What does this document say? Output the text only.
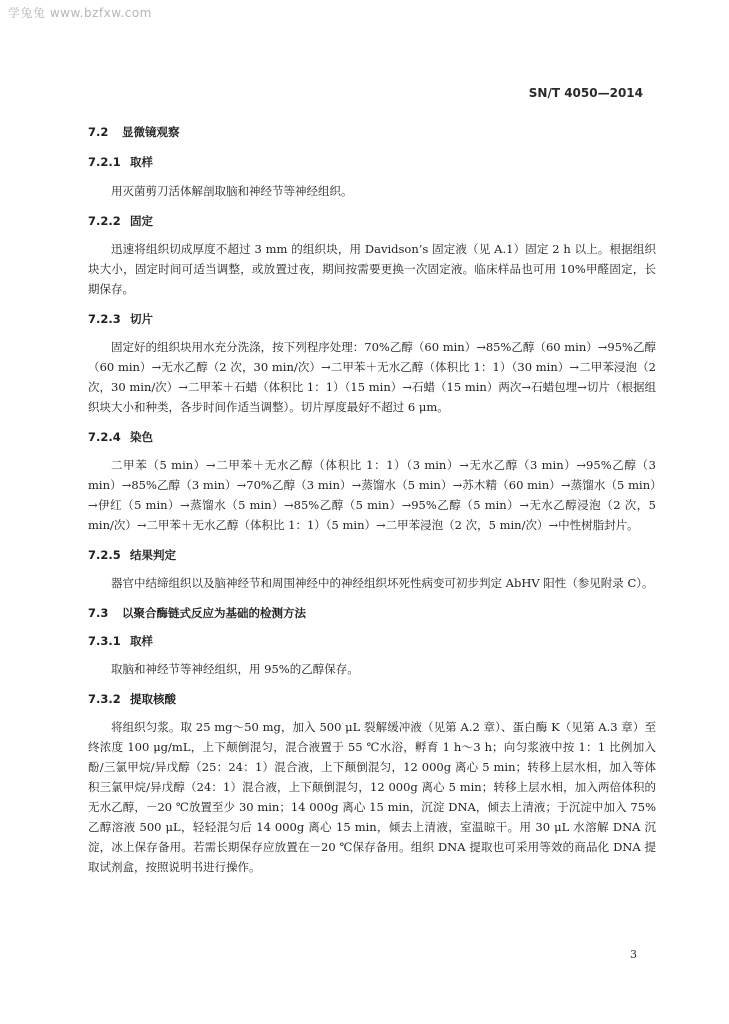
学兔兔 www.bzfxw.com
SN/T 4050—2014
7.2 显微镜观察
7.2.1 取样

用灭菌剪刀活体解剖取脑和神经节等神经组织。

7.2.2 固定

迅速将组织切成厚度不超过 3 mm 的组织块，用 Davidson’s 固定液（见 A.1）固定 2 h 以上。根据组织块大小，固定时间可适当调整，或放置过夜，期间按需要更换一次固定液。临床样品也可用 10%甲醛固定，长期保存。

7.2.3 切片

固定好的组织块用水充分洗涤，按下列程序处理：70%乙醇（60 min）→85%乙醇（60 min）→95%乙醇（60 min）→无水乙醇（2 次，30 min/次）→二甲苯＋无水乙醇（体积比 1：1）（30 min）→二甲苯浸泡（2 次，30 min/次）→二甲苯＋石蜡（体积比 1：1）（15 min）→石蜡（15 min）两次→石蜡包埋→切片（根据组织块大小和种类，各步时间作适当调整）。切片厚度最好不超过 6 μm。

7.2.4 染色

二甲苯（5 min）→二甲苯＋无水乙醇（体积比 1：1）（3 min）→无水乙醇（3 min）→95%乙醇（3 min）→85%乙醇（3 min）→70%乙醇（3 min）→蒸馏水（5 min）→苏木精（60 min）→蒸馏水（5 min）→伊红（5 min）→蒸馏水（5 min）→85%乙醇（5 min）→95%乙醇（5 min）→无水乙醇浸泡（2 次，5 min/次）→二甲苯＋无水乙醇（体积比 1：1）（5 min）→二甲苯浸泡（2 次，5 min/次）→中性树脂封片。

7.2.5 结果判定

器官中结缔组织以及脑神经节和周围神经中的神经组织坏死性病变可初步判定 AbHV 阳性（参见附录 C）。

7.3 以聚合酶链式反应为基础的检测方法
7.3.1 取样

取脑和神经节等神经组织，用 95%的乙醇保存。

7.3.2 提取核酸

将组织匀浆。取 25 mg～50 mg，加入 500 μL 裂解缓冲液（见第 A.2 章）、蛋白酶 K（见第 A.3 章）至终浓度 100 μg/mL，上下颠倒混匀，混合液置于 55 ℃水浴，孵育 1 h～3 h；向匀浆液中按 1：1 比例加入酚/三氯甲烷/异戊醇（25：24：1）混合液，上下颠倒混匀，12 000g 离心 5 min；转移上层水相，加入等体积三氯甲烷/异戊醇（24：1）混合液，上下颠倒混匀，12 000g 离心 5 min；转移上层水相，加入两倍体积的无水乙醇，－20 ℃放置至少 30 min；14 000g 离心 15 min，沉淀 DNA，倾去上清液；于沉淀中加入 75%乙醇溶液 500 μL，轻轻混匀后 14 000g 离心 15 min，倾去上清液，室温晾干。用 30 μL 水溶解 DNA 沉淀，冰上保存备用。若需长期保存应放置在－20 ℃保存备用。组织 DNA 提取也可采用等效的商品化 DNA 提取试剂盒，按照说明书进行操作。

3
